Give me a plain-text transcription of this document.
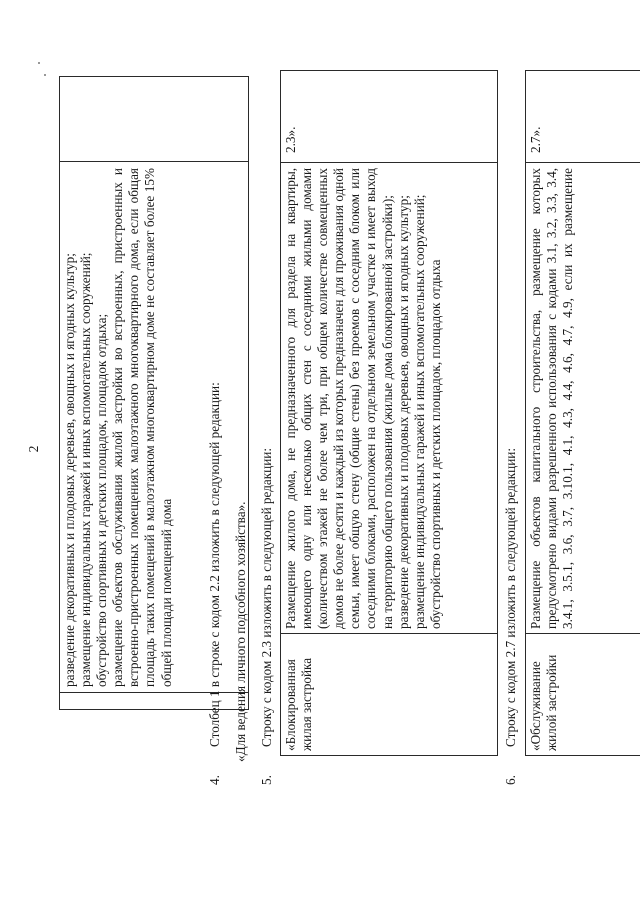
2 разведение декоративных и плодовых деревьев, овощных и ягодных культур; размещение индивидуальных гаражей и иных вспомогательных сооружений; обустройство спортивных и детских площадок, площадок отдыха; размещение объектов обслуживания жилой застройки во встроенных, пристроенных и встроенно-пристроенных помещениях малоэтажного многоквартирного дома, если общая площадь таких помещений в малоэтажном многоквартирном доме не составляет более 15% общей площади помещений дома

4.Столбец 1 в строке с кодом 2.2 изложить в следующей редакции: «Для ведения личного подсобного хозяйства».
5.Строку с кодом 2.3 изложить в следующей редакции: «Блокированная жилая застройка

Размещение жилого дома, не предназначенного для раздела на квартиры, имеющего одну или несколько общих стен с соседними жилыми домами (количеством этажей не более чем три, при общем количестве совмещенных домов не более десяти и каждый из которых предназначен для проживания одной семьи, имеет общую стену (общие стены) без проемов с соседним блоком или соседними блоками, расположен на отдельном земельном участке и имеет выход на территорию общего пользования (жилые дома блокированной застройки); разведение декоративных и плодовых деревьев, овощных и ягодных культур; размещение индивидуальных гаражей и иных вспомогательных сооружений; обустройство спортивных и детских площадок, площадок отдыха

2.3».
6.Строку с кодом 2.7 изложить в следующей редакции: «Обслуживание жилой застройки
Размещение объектов капитального строительства, размещение которых предусмотрено видами разрешенного использования с кодами 3.1, 3.2, 3.3, 3.4, 3.4.1, 3.5.1, 3.6, 3.7, 3.10.1, 4.1, 4.3, 4.4, 4.6, 4.7, 4.9, если их размещение
2.7».
